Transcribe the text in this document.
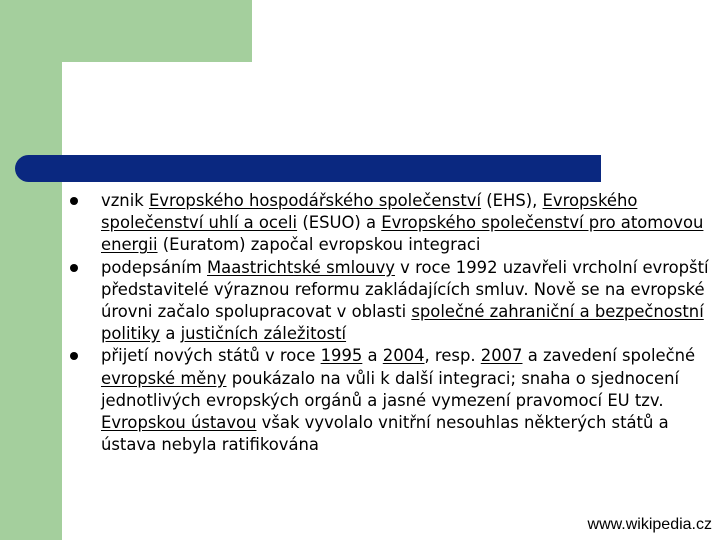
vznik Evropského hospodářského společenství (EHS), Evropského společenství uhlí a oceli (ESUO) a Evropského společenství pro atomovou energii (Euratom) započal evropskou integraci
podepsáním Maastrichtské smlouvy v roce 1992 uzavřeli vrcholní evropští představitelé výraznou reformu zakládajících smluv. Nově se na evropské úrovni začalo spolupracovat v oblasti společné zahraniční a bezpečnostní politiky a justičních záležitostí
přijetí nových států v roce 1995 a 2004, resp. 2007 a zavedení společné evropské měny poukázalo na vůli k další integraci; snaha o sjednocení jednotlivých evropských orgánů a jasné vymezení pravomocí EU tzv. Evropskou ústavou však vyvolalo vnitřní nesouhlas některých států a ústava nebyla ratifikována
www.wikipedia.cz
